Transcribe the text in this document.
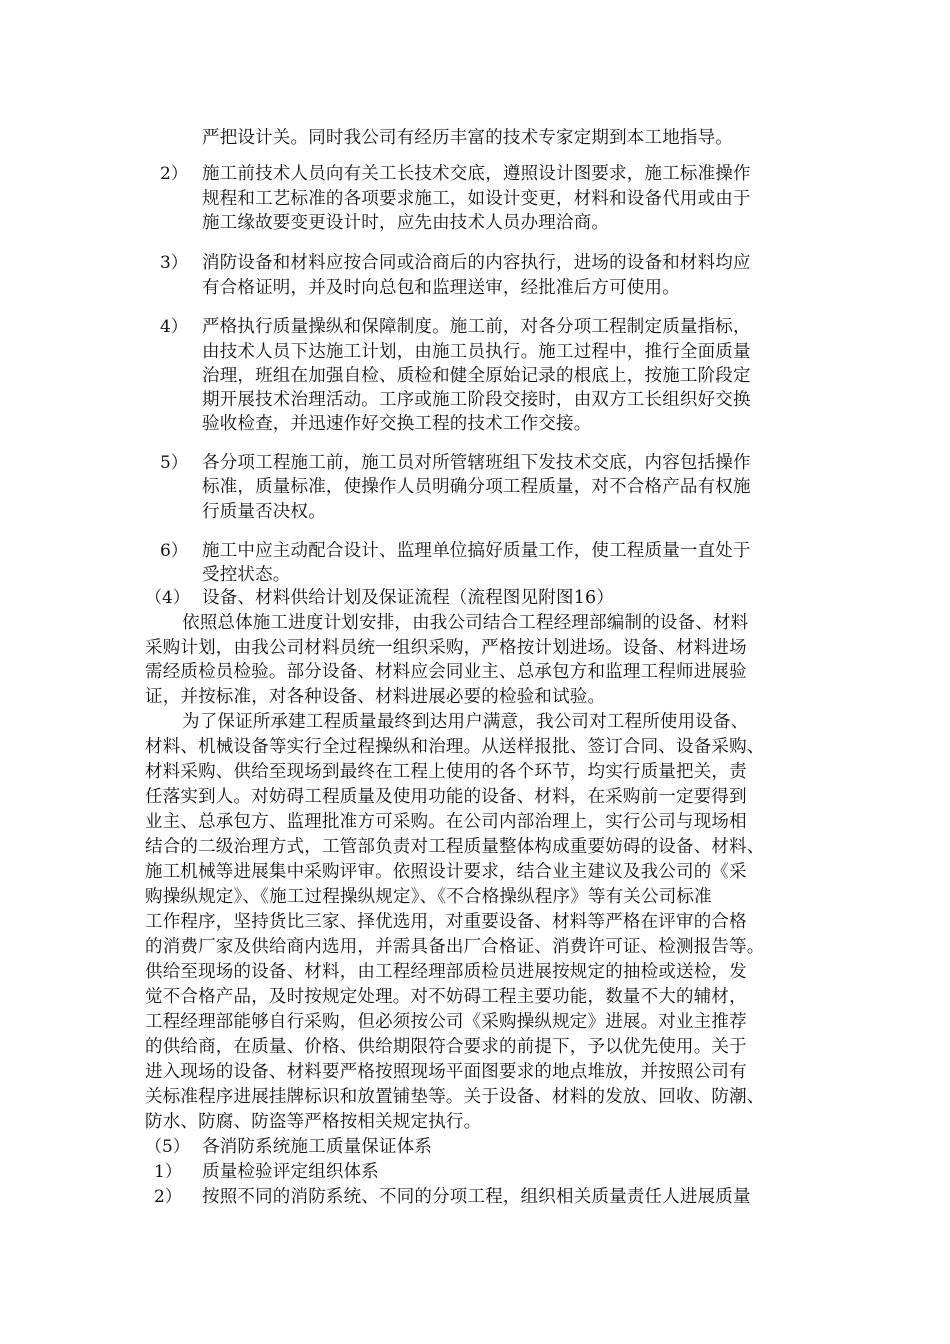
严把设计关。同时我公司有经历丰富的技术专家定期到本工地指导。
2） 施工前技术人员向有关工长技术交底，遵照设计图要求，施工标准操作
规程和工艺标准的各项要求施工，如设计变更，材料和设备代用或由于
施工缘故要变更设计时，应先由技术人员办理洽商。
3） 消防设备和材料应按合同或洽商后的内容执行，进场的设备和材料均应
有合格证明，并及时向总包和监理送审，经批准后方可使用。
4） 严格执行质量操纵和保障制度。施工前，对各分项工程制定质量指标，
由技术人员下达施工计划，由施工员执行。施工过程中，推行全面质量
治理，班组在加强自检、质检和健全原始记录的根底上，按施工阶段定
期开展技术治理活动。工序或施工阶段交接时，由双方工长组织好交换
验收检查，并迅速作好交换工程的技术工作交接。
5） 各分项工程施工前，施工员对所管辖班组下发技术交底，内容包括操作
标准，质量标准，使操作人员明确分项工程质量，对不合格产品有权施
行质量否决权。
6） 施工中应主动配合设计、监理单位搞好质量工作，使工程质量一直处于
受控状态。
（4） 设备、材料供给计划及保证流程（流程图见附图16）
依照总体施工进度计划安排，由我公司结合工程经理部编制的设备、材料
采购计划，由我公司材料员统一组织采购，严格按计划进场。设备、材料进场
需经质检员检验。部分设备、材料应会同业主、总承包方和监理工程师进展验
证，并按标准，对各种设备、材料进展必要的检验和试验。
为了保证所承建工程质量最终到达用户满意，我公司对工程所使用设备、
材料、机械设备等实行全过程操纵和治理。从送样报批、签订合同、设备采购、
材料采购、供给至现场到最终在工程上使用的各个环节，均实行质量把关，责
任落实到人。对妨碍工程质量及使用功能的设备、材料，在采购前一定要得到
业主、总承包方、监理批准方可采购。在公司内部治理上，实行公司与现场相
结合的二级治理方式，工管部负责对工程质量整体构成重要妨碍的设备、材料、
施工机械等进展集中采购评审。依照设计要求，结合业主建议及我公司的《采
购操纵规定》、《施工过程操纵规定》、《不合格操纵程序》等有关公司标准
工作程序，坚持货比三家、择优选用，对重要设备、材料等严格在评审的合格
的消费厂家及供给商内选用，并需具备出厂合格证、消费许可证、检测报告等。
供给至现场的设备、材料，由工程经理部质检员进展按规定的抽检或送检，发
觉不合格产品，及时按规定处理。对不妨碍工程主要功能，数量不大的辅材，
工程经理部能够自行采购，但必须按公司《采购操纵规定》进展。对业主推荐
的供给商，在质量、价格、供给期限符合要求的前提下，予以优先使用。关于
进入现场的设备、材料要严格按照现场平面图要求的地点堆放，并按照公司有
关标准程序进展挂牌标识和放置铺垫等。关于设备、材料的发放、回收、防潮、
防水、防腐、防盗等严格按相关规定执行。
（5） 各消防系统施工质量保证体系
1） 质量检验评定组织体系
2） 按照不同的消防系统、不同的分项工程，组织相关质量责任人进展质量
